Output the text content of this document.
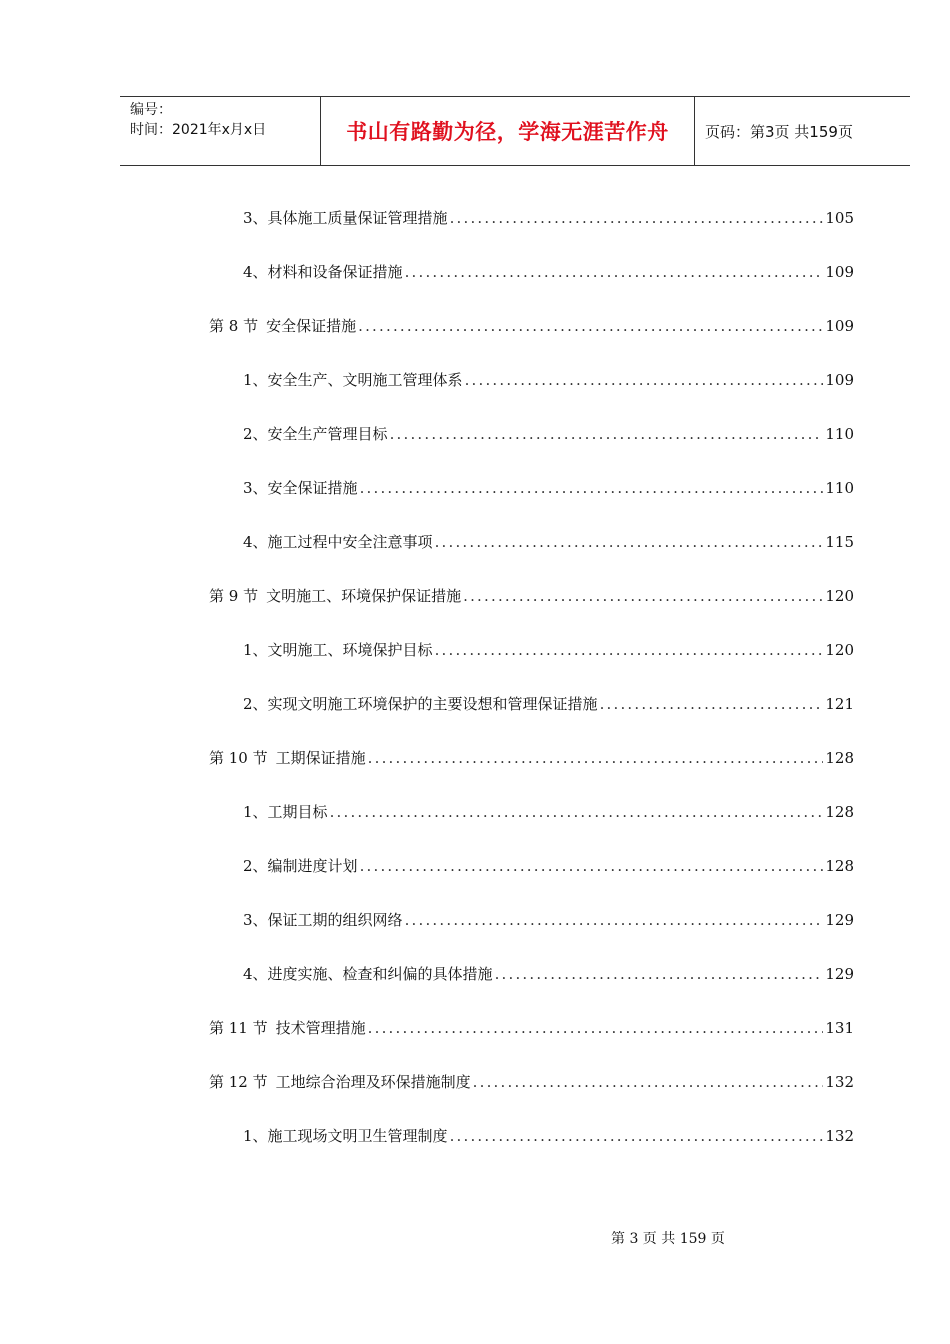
编号：
时间：2021年x月x日	书山有路勤为径，学海无涯苦作舟	页码：第3页 共159页
3、 具体施工质量保证管理措施 .....	105
4、 材料和设备保证措施 .....	109
第 8 节 安全保证措施 .....	109
1、 安全生产、文明施工管理体系 .....	109
2、 安全生产管理目标 .....	110
3、 安全保证措施 .....	110
4、 施工过程中安全注意事项 .....	115
第 9 节 文明施工、环境保护保证措施 .....	120
1、 文明施工、环境保护目标 .....	120
2、 实现文明施工环境保护的主要设想和管理保证措施 .....	121
第 10 节 工期保证措施 .....	128
1、 工期目标 .....	128
2、 编制进度计划 .....	128
3、 保证工期的组织网络 .....	129
4、 进度实施、检查和纠偏的具体措施 .....	129
第 11 节 技术管理措施 .....	131
第 12 节 工地综合治理及环保措施制度 .....	132
1、 施工现场文明卫生管理制度 .....	132
第 3 页 共 159 页
